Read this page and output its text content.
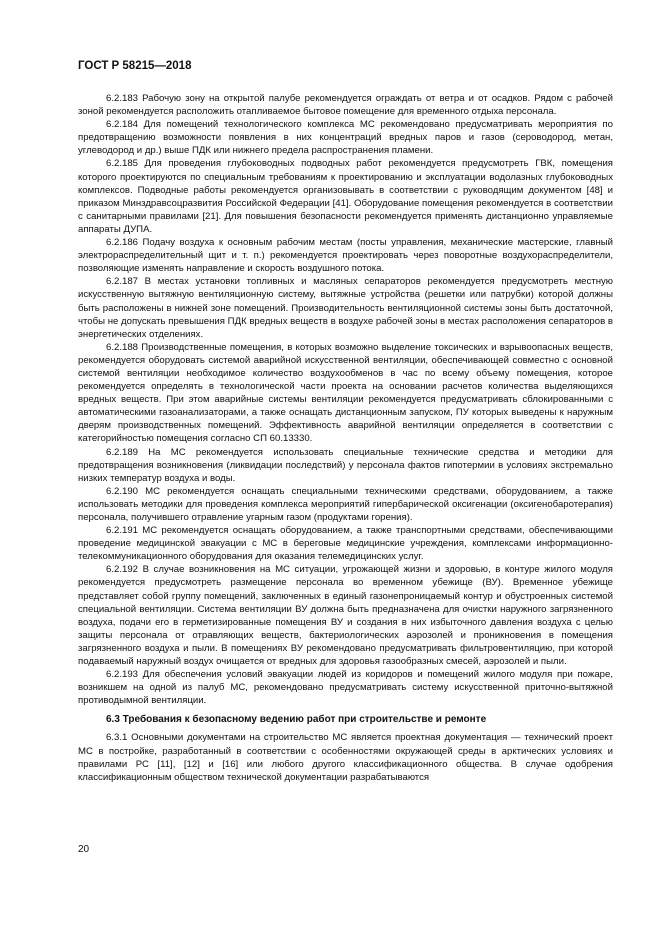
ГОСТ Р 58215—2018

6.2.183 Рабочую зону на открытой палубе рекомендуется ограждать от ветра и от осадков. Рядом с рабочей зоной рекомендуется расположить отапливаемое бытовое помещение для временного отдыха персонала.

6.2.184 Для помещений технологического комплекса МС рекомендовано предусматривать мероприятия по предотвращению возможности появления в них концентраций вредных паров и газов (сероводород, метан, углеводород и др.) выше ПДК или нижнего предела распространения пламени.

6.2.185 Для проведения глубоководных подводных работ рекомендуется предусмотреть ГВК, помещения которого проектируются по специальным требованиям к проектированию и эксплуатации водолазных глубоководных комплексов. Подводные работы рекомендуется организовывать в соответствии с руководящим документом [48] и приказом Минздравсоцразвития Российской Федерации [41]. Оборудование помещения рекомендуется в соответствии с санитарными правилами [21]. Для повышения безопасности рекомендуется применять дистанционно управляемые аппараты ДУПА.

6.2.186 Подачу воздуха к основным рабочим местам (посты управления, механические мастерские, главный электрораспределительный щит и т. п.) рекомендуется проектировать через поворотные воздухораспределители, позволяющие изменять направление и скорость воздушного потока.

6.2.187 В местах установки топливных и масляных сепараторов рекомендуется предусмотреть местную искусственную вытяжную вентиляционную систему, вытяжные устройства (решетки или патрубки) которой должны быть расположены в нижней зоне помещений. Производительность вентиляционной системы зоны быть достаточной, чтобы не допускать превышения ПДК вредных веществ в воздухе рабочей зоны в местах расположения сепараторов в энергетических отделениях.

6.2.188 Производственные помещения, в которых возможно выделение токсических и взрывоопасных веществ, рекомендуется оборудовать системой аварийной искусственной вентиляции, обеспечивающей совместно с основной системой вентиляции необходимое количество воздухообменов в час по всему объему помещения, которое рекомендуется определять в технологической части проекта на основании расчетов количества выделяющихся вредных веществ. При этом аварийные системы вентиляции рекомендуется предусматривать сблокированными с автоматическими газоанализаторами, а также оснащать дистанционным запуском, ПУ которых выведены к наружным дверям производственных помещений. Эффективность аварийной вентиляции определяется в соответствии с категорийностью помещения согласно СП 60.13330.

6.2.189 На МС рекомендуется использовать специальные технические средства и методики для предотвращения возникновения (ликвидации последствий) у персонала фактов гипотермии в условиях экстремально низких температур воздуха и воды.

6.2.190 МС рекомендуется оснащать специальными техническими средствами, оборудованием, а также использовать методики для проведения комплекса мероприятий гипербарической оксигенации (оксигенобаротерапия) персонала, получившего отравление угарным газом (продуктами горения).

6.2.191 МС рекомендуется оснащать оборудованием, а также транспортными средствами, обеспечивающими проведение медицинской эвакуации с МС в береговые медицинские учреждения, комплексами информационно-телекоммуникационного оборудования для оказания телемедицинских услуг.

6.2.192 В случае возникновения на МС ситуации, угрожающей жизни и здоровью, в контуре жилого модуля рекомендуется предусмотреть размещение персонала во временном убежище (ВУ). Временное убежище представляет собой группу помещений, заключенных в единый газонепроницаемый контур и обустроенных системой специальной вентиляции. Система вентиляции ВУ должна быть предназначена для очистки наружного загрязненного воздуха, подачи его в герметизированные помещения ВУ и создания в них избыточного давления воздуха с целью защиты персонала от отравляющих веществ, бактериологических аэрозолей и проникновения в помещения загрязненного воздуха и пыли. В помещениях ВУ рекомендовано предусматривать фильтровентиляцию, при которой подаваемый наружный воздух очищается от вредных для здоровья газообразных смесей, аэрозолей и пыли.

6.2.193 Для обеспечения условий эвакуации людей из коридоров и помещений жилого модуля при пожаре, возникшем на одной из палуб МС, рекомендовано предусматривать систему искусственной приточно-вытяжной противодымной вентиляции.

6.3 Требования к безопасному ведению работ при строительстве и ремонте

6.3.1 Основными документами на строительство МС является проектная документация — технический проект МС в постройке, разработанный в соответствии с особенностями окружающей среды в арктических условиях и правилами РС [11], [12] и [16] или любого другого классификационного общества. В случае одобрения классификационным обществом технической документации разрабатываются

20
